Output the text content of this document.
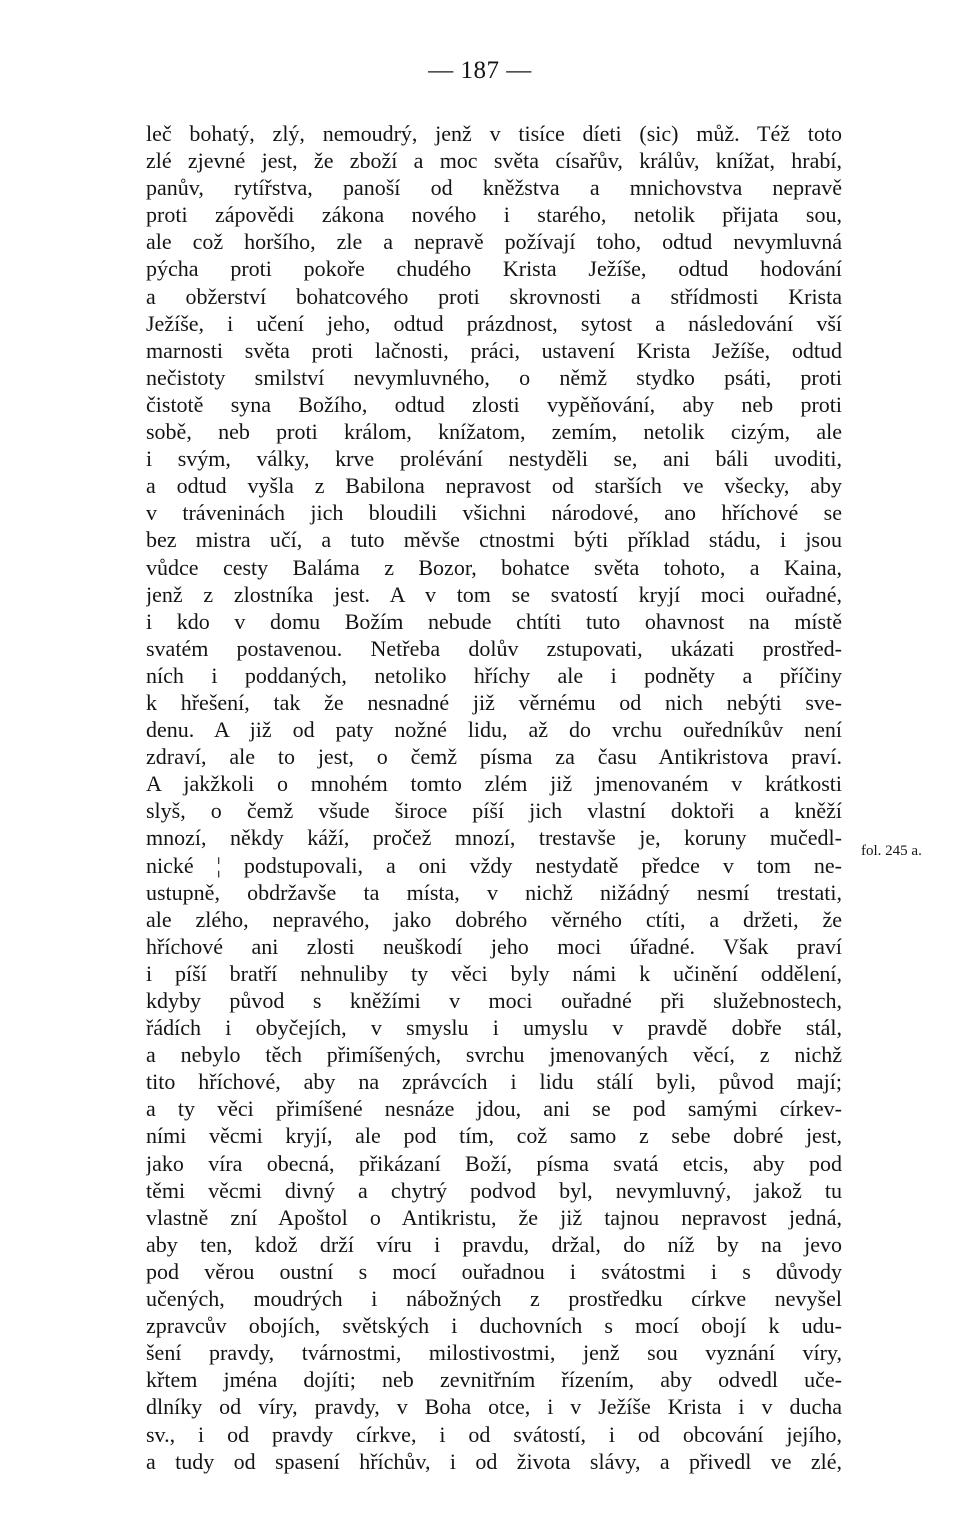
— 187 —
leč bohatý, zlý, nemoudrý, jenž v tisíce díeti (sic) můž. Též toto
zlé zjevné jest, že zboží a moc světa císařův, králův, knížat, hrabí,
panův, rytířstva, panoší od kněžstva a mnichovstva nepravě
proti zápovědi zákona nového i starého, netolik přijata sou,
ale což horšího, zle a nepravě požívají toho, odtud nevymluvná
pýcha proti pokoře chudého Krista Ježíše, odtud hodování
a obžerství bohatcového proti skrovnosti a střídmosti Krista
Ježíše, i učení jeho, odtud prázdnost, sytost a následování vší
marnosti světa proti lačnosti, práci, ustavení Krista Ježíše, odtud
nečistoty smilství nevymluvného, o němž stydko psáti, proti
čistotě syna Božího, odtud zlosti vypěňování, aby neb proti
sobě, neb proti králom, knížatom, zemím, netolik cizým, ale
i svým, války, krve prolévání nestyděli se, ani báli uvoditi,
a odtud vyšla z Babilona nepravost od starších ve všecky, aby
v tráveninách jich bloudili všichni národové, ano hříchové se
bez mistra učí, a tuto měvše ctnostmi býti příklad stádu, i jsou
vůdce cesty Baláma z Bozor, bohatce světa tohoto, a Kaina,
jenž z zlostníka jest. A v tom se svatostí kryjí moci ouřadné,
i kdo v domu Božím nebude chtíti tuto ohavnost na místě
svatém postavenou. Netřeba dolův zstupovati, ukázati prostřed-
ních i poddaných, netoliko hříchy ale i podněty a příčiny
k hřešení, tak že nesnadné již věrnému od nich nebýti sve-
denu. A již od paty nožné lidu, až do vrchu ouředníkův není
zdraví, ale to jest, o čemž písma za času Antikristova praví.
A jakžkoli o mnohém tomto zlém již jmenovaném v krátkosti
slyš, o čemž všude široce píší jich vlastní doktoři a kněží
mnozí, někdy káží, pročež mnozí, trestavše je, koruny mučedl-
nické ¦ podstupovali, a oni vždy nestydatě předce v tom ne-
ustupně, obdržavše ta místa, v nichž nižádný nesmí trestati,
ale zlého, nepravého, jako dobrého věrného ctíti, a držeti, že
hříchové ani zlosti neuškodí jeho moci úřadné. Však praví
i píší bratří nehnuliby ty věci byly námi k učinění oddělení,
kdyby původ s kněžími v moci ouřadné při služebnostech,
řádích i obyčejích, v smyslu i umyslu v pravdě dobře stál,
a nebylo těch přimíšených, svrchu jmenovaných věcí, z nichž
tito hříchové, aby na zprávcích i lidu stálí byli, původ mají;
a ty věci přimíšené nesnáze jdou, ani se pod samými církev-
ními věcmi kryjí, ale pod tím, což samo z sebe dobré jest,
jako víra obecná, přikázaní Boží, písma svatá etcis, aby pod
těmi věcmi divný a chytrý podvod byl, nevymluvný, jakož tu
vlastně zní Apoštol o Antikristu, že již tajnou nepravost jedná,
aby ten, kdož drží víru i pravdu, držal, do níž by na jevo
pod věrou oustní s mocí ouřadnou i svátostmi i s důvody
učených, moudrých i nábožných z prostředku církve nevyšel
zpravcův obojích, světských i duchovních s mocí obojí k udu-
šení pravdy, tvárnostmi, milostivostmi, jenž sou vyznání víry,
křtem jména dojíti; neb zevnitřním řízením, aby odvedl uče-
dlníky od víry, pravdy, v Boha otce, i v Ježíše Krista i v ducha
sv., i od pravdy církve, i od svátostí, i od obcování jejího,
a tudy od spasení hříchův, i od života slávy, a přivedl ve zlé,
fol. 245 a.
